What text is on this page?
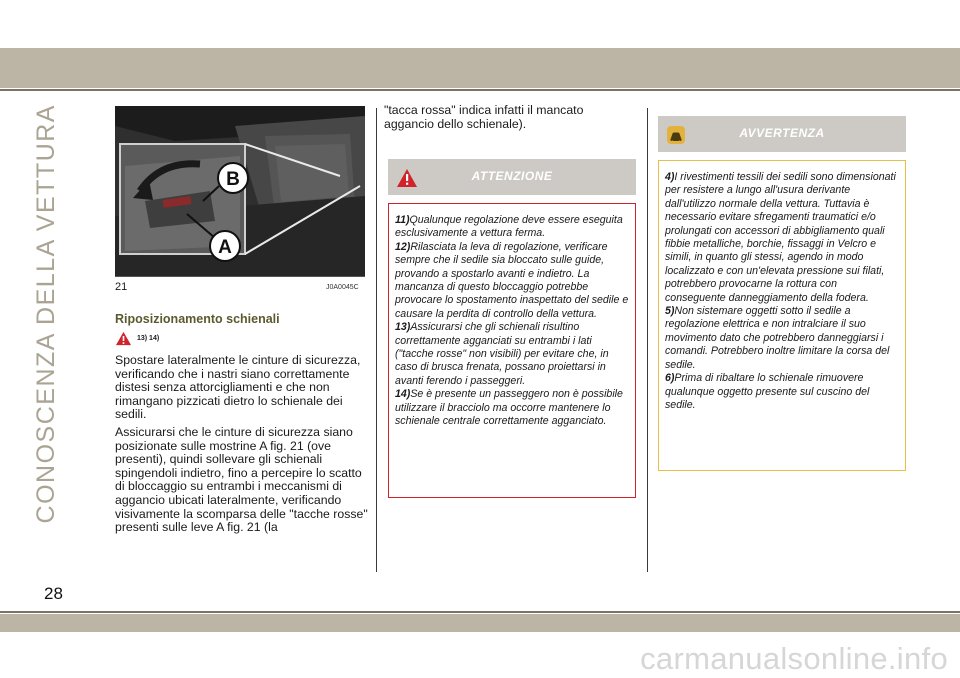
CONOSCENZA DELLA VETTURA	B
A
21	J0A0045C
Riposizionamento schienali
13) 14)

Spostare lateralmente le cinture di sicurezza, verificando che i nastri siano correttamente distesi senza attorcigliamenti e che non rimangano pizzicati dietro lo schienale dei sedili.

Assicurarsi che le cinture di sicurezza siano posizionate sulle mostrine A fig. 21 (ove presenti), quindi sollevare gli schienali spingendoli indietro, fino a percepire lo scatto di bloccaggio su entrambi i meccanismi di aggancio ubicati lateralmente, verificando visivamente la scomparsa delle "tacche rosse" presenti sulle leve A fig. 21 (la

"tacca rossa" indica infatti il mancato aggancio dello schienale).

ATTENZIONE

11)Qualunque regolazione deve essere eseguita esclusivamente a vettura ferma.

12)Rilasciata la leva di regolazione, verificare sempre che il sedile sia bloccato sulle guide, provando a spostarlo avanti e indietro. La mancanza di questo bloccaggio potrebbe provocare lo spostamento inaspettato del sedile e causare la perdita di controllo della vettura.

13)Assicurarsi che gli schienali risultino correttamente agganciati su entrambi i lati ("tacche rosse" non visibili) per evitare che, in caso di brusca frenata, possano proiettarsi in avanti ferendo i passeggeri.

14)Se è presente un passeggero non è possibile utilizzare il bracciolo ma occorre mantenere lo schienale centrale correttamente agganciato.

AVVERTENZA

4)I rivestimenti tessili dei sedili sono dimensionati per resistere a lungo all'usura derivante dall'utilizzo normale della vettura. Tuttavia è necessario evitare sfregamenti traumatici e/o prolungati con accessori di abbigliamento quali fibbie metalliche, borchie, fissaggi in Velcro e simili, in quanto gli stessi, agendo in modo localizzato e con un'elevata pressione sui filati, potrebbero provocarne la rottura con conseguente danneggiamento della fodera.

5)Non sistemare oggetti sotto il sedile a regolazione elettrica e non intralciare il suo movimento dato che potrebbero danneggiarsi i comandi. Potrebbero inoltre limitare la corsa del sedile.

6)Prima di ribaltare lo schienale rimuovere qualunque oggetto presente sul cuscino del sedile.

28
carmanualsonline.info
